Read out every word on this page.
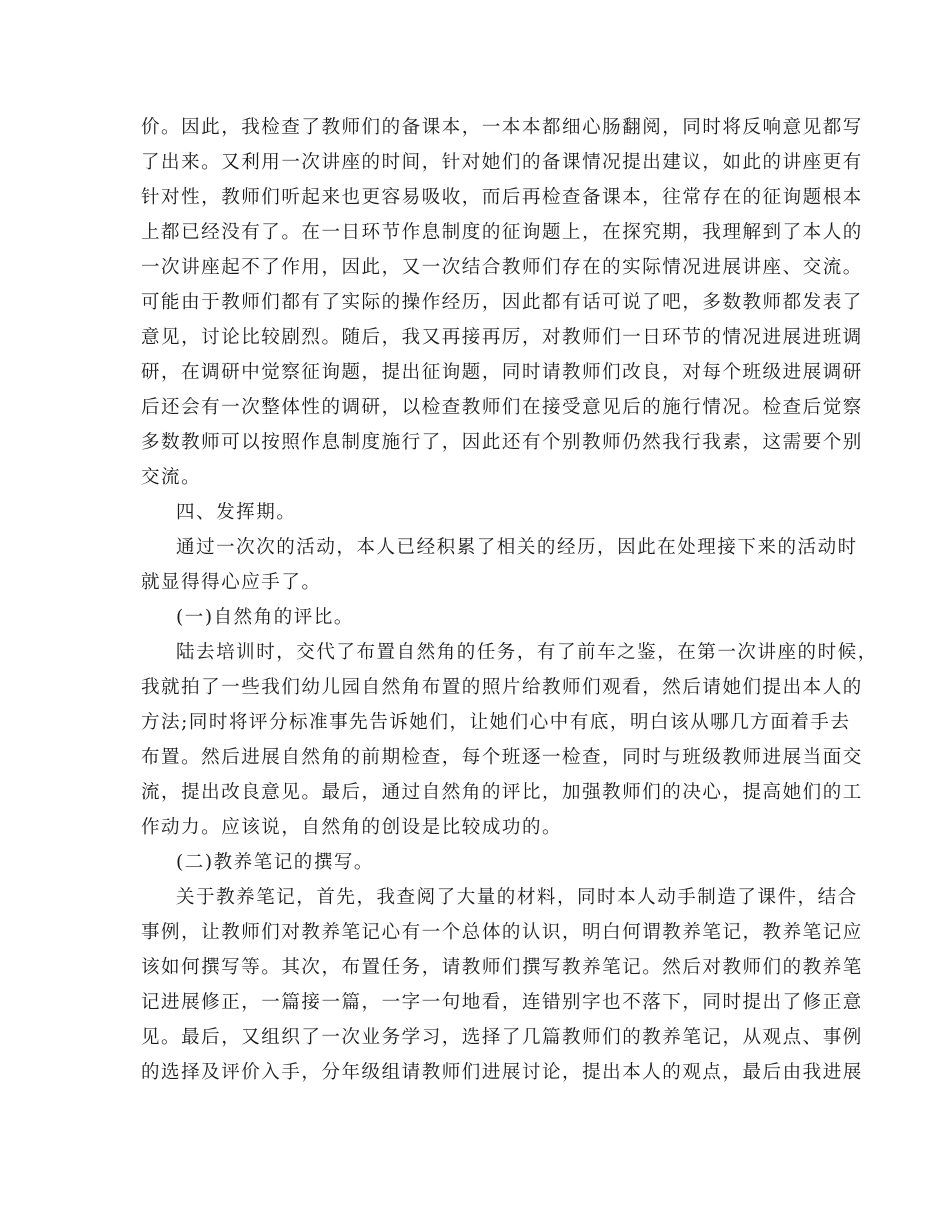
价。因此，我检查了教师们的备课本，一本本都细心肠翻阅，同时将反响意见都写
了出来。又利用一次讲座的时间，针对她们的备课情况提出建议，如此的讲座更有
针对性，教师们听起来也更容易吸收，而后再检查备课本，往常存在的征询题根本
上都已经没有了。在一日环节作息制度的征询题上，在探究期，我理解到了本人的
一次讲座起不了作用，因此，又一次结合教师们存在的实际情况进展讲座、交流。
可能由于教师们都有了实际的操作经历，因此都有话可说了吧，多数教师都发表了
意见，讨论比较剧烈。随后，我又再接再厉，对教师们一日环节的情况进展进班调
研，在调研中觉察征询题，提出征询题，同时请教师们改良，对每个班级进展调研
后还会有一次整体性的调研，以检查教师们在接受意见后的施行情况。检查后觉察
多数教师可以按照作息制度施行了，因此还有个别教师仍然我行我素，这需要个别
交流。
四、发挥期。
通过一次次的活动，本人已经积累了相关的经历，因此在处理接下来的活动时
就显得得心应手了。
(一)自然角的评比。
陆去培训时，交代了布置自然角的任务，有了前车之鉴，在第一次讲座的时候，
我就拍了一些我们幼儿园自然角布置的照片给教师们观看，然后请她们提出本人的
方法;同时将评分标准事先告诉她们，让她们心中有底，明白该从哪几方面着手去
布置。然后进展自然角的前期检查，每个班逐一检查，同时与班级教师进展当面交
流，提出改良意见。最后，通过自然角的评比，加强教师们的决心，提高她们的工
作动力。应该说，自然角的创设是比较成功的。
(二)教养笔记的撰写。
关于教养笔记，首先，我查阅了大量的材料，同时本人动手制造了课件，结合
事例，让教师们对教养笔记心有一个总体的认识，明白何谓教养笔记，教养笔记应
该如何撰写等。其次，布置任务，请教师们撰写教养笔记。然后对教师们的教养笔
记进展修正，一篇接一篇，一字一句地看，连错别字也不落下，同时提出了修正意
见。最后，又组织了一次业务学习，选择了几篇教师们的教养笔记，从观点、事例
的选择及评价入手，分年级组请教师们进展讨论，提出本人的观点，最后由我进展
